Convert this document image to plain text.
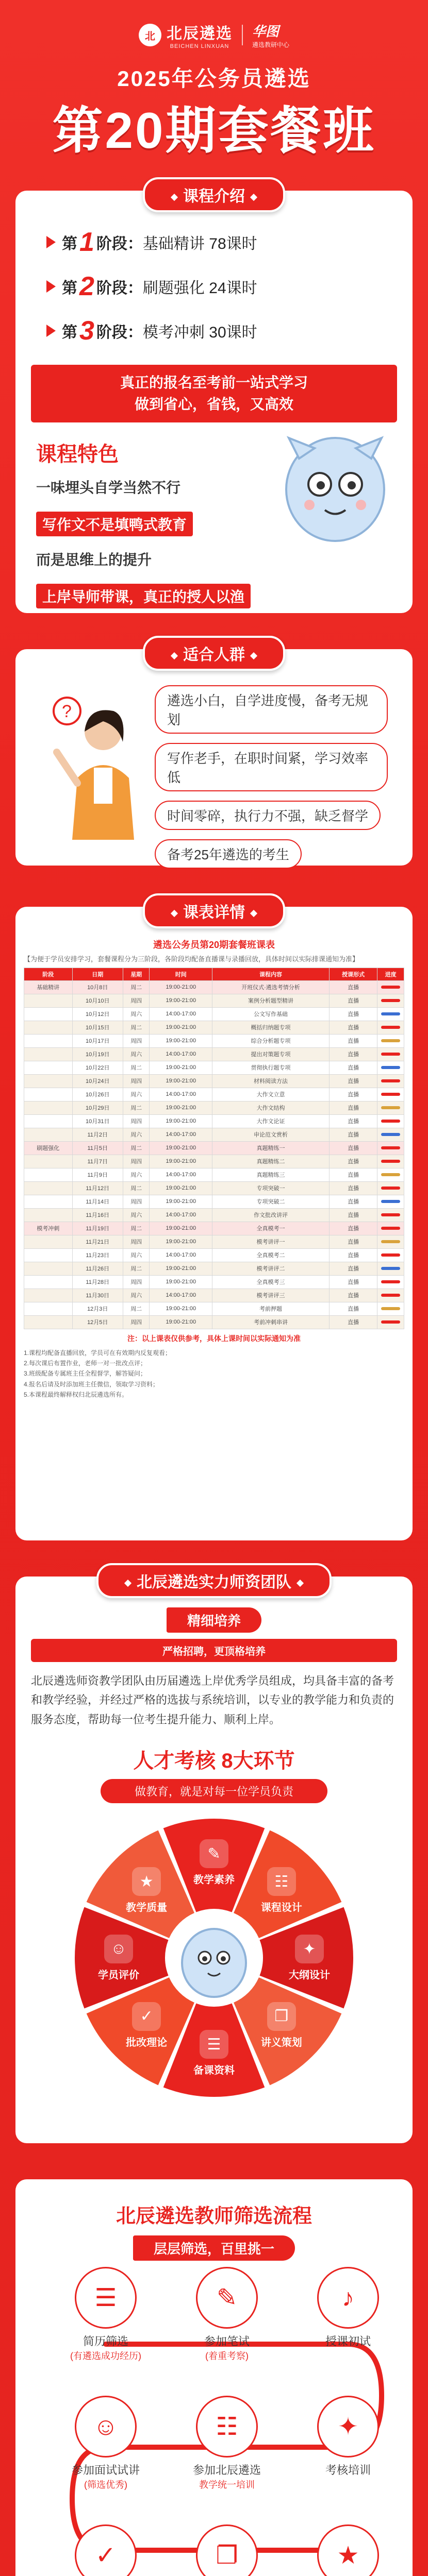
北 北辰遴选
BEICHEN LINXUAN
华图
遴选教研中心
2025年公务员遴选
第20期套餐班
课程介绍
第 1 阶段： 基础精讲 78课时
第 2 阶段： 刷题强化 24课时
第 3 阶段： 模考冲刺 30课时
真正的报名至考前一站式学习
做到省心，省钱，又高效
课程特色
一味埋头自学当然不行

写作文不是填鸭式教育

而是思维上的提升

上岸导师带课，真正的授人以渔
适合人群
?
遴选小白，自学进度慢，备考无规划 写作老手，在职时间紧，学习效率低 时间零碎，执行力不强，缺乏督学 备考25年遴选的考生
课表详情
遴选公务员第20期套餐班课表
【为便于学员安排学习，套餐课程分为三阶段，各阶段均配备直播课与录播回放，具体时间以实际排课通知为准】
阶段	日期	星期	时间	课程内容	授课形式	进度
基础精讲	10月8日	周二	19:00-21:00	开班仪式·遴选考情分析	直播	
	10月10日	周四	19:00-21:00	案例分析题型精讲	直播	
	10月12日	周六	14:00-17:00	公文写作基础	直播	
	10月15日	周二	19:00-21:00	概括归纳题专项	直播	
	10月17日	周四	19:00-21:00	综合分析题专项	直播	
	10月19日	周六	14:00-17:00	提出对策题专项	直播	
	10月22日	周二	19:00-21:00	贯彻执行题专项	直播	
	10月24日	周四	19:00-21:00	材料阅读方法	直播	
	10月26日	周六	14:00-17:00	大作文立意	直播	
	10月29日	周二	19:00-21:00	大作文结构	直播	
	10月31日	周四	19:00-21:00	大作文论证	直播	
	11月2日	周六	14:00-17:00	申论范文赏析	直播	
刷题强化	11月5日	周二	19:00-21:00	真题精练一	直播	
	11月7日	周四	19:00-21:00	真题精练二	直播	
	11月9日	周六	14:00-17:00	真题精练三	直播	
	11月12日	周二	19:00-21:00	专项突破一	直播	
	11月14日	周四	19:00-21:00	专项突破二	直播	
	11月16日	周六	14:00-17:00	作文批改讲评	直播	
模考冲刺	11月19日	周二	19:00-21:00	全真模考一	直播	
	11月21日	周四	19:00-21:00	模考讲评一	直播	
	11月23日	周六	14:00-17:00	全真模考二	直播	
	11月26日	周二	19:00-21:00	模考讲评二	直播	
	11月28日	周四	19:00-21:00	全真模考三	直播	
	11月30日	周六	14:00-17:00	模考讲评三	直播	
	12月3日	周二	19:00-21:00	考前押题	直播	
	12月5日	周四	19:00-21:00	考前冲刺串讲	直播	
注：以上课表仅供参考，具体上课时间以实际通知为准
1.课程均配备直播回放，学员可在有效期内反复观看；
2.每次课后布置作业，老师一对一批改点评；
3.班级配备专属班主任全程督学，解答疑问；
4.报名后请及时添加班主任微信，领取学习资料；
5.本课程最终解释权归北辰遴选所有。
北辰遴选实力师资团队
精细培养
严格招聘，更顶格培养
北辰遴选师资教学团队由历届遴选上岸优秀学员组成，均具备丰富的备考和教学经验，并经过严格的选拔与系统培训，以专业的教学能力和负责的服务态度，帮助每一位考生提升能力、顺利上岸。
人才考核 8大环节
做教育，就是对每一位学员负责
✎
教学素养	☷
课程设计
✦
大纲设计
❐
讲义策划
☰
备课资料
✓
批改理论
☺
学员评价
★
教学质量
北辰遴选教师筛选流程
层层筛选，百里挑一
☰
简历筛选
(有遴选成功经历)
✎
参加笔试
(着重考察)
♪
授课初试
✦
考核培训
☷
参加北辰遴选
教学统一培训
☺
参加面试试讲
(筛选优秀)
✓	❐	★
